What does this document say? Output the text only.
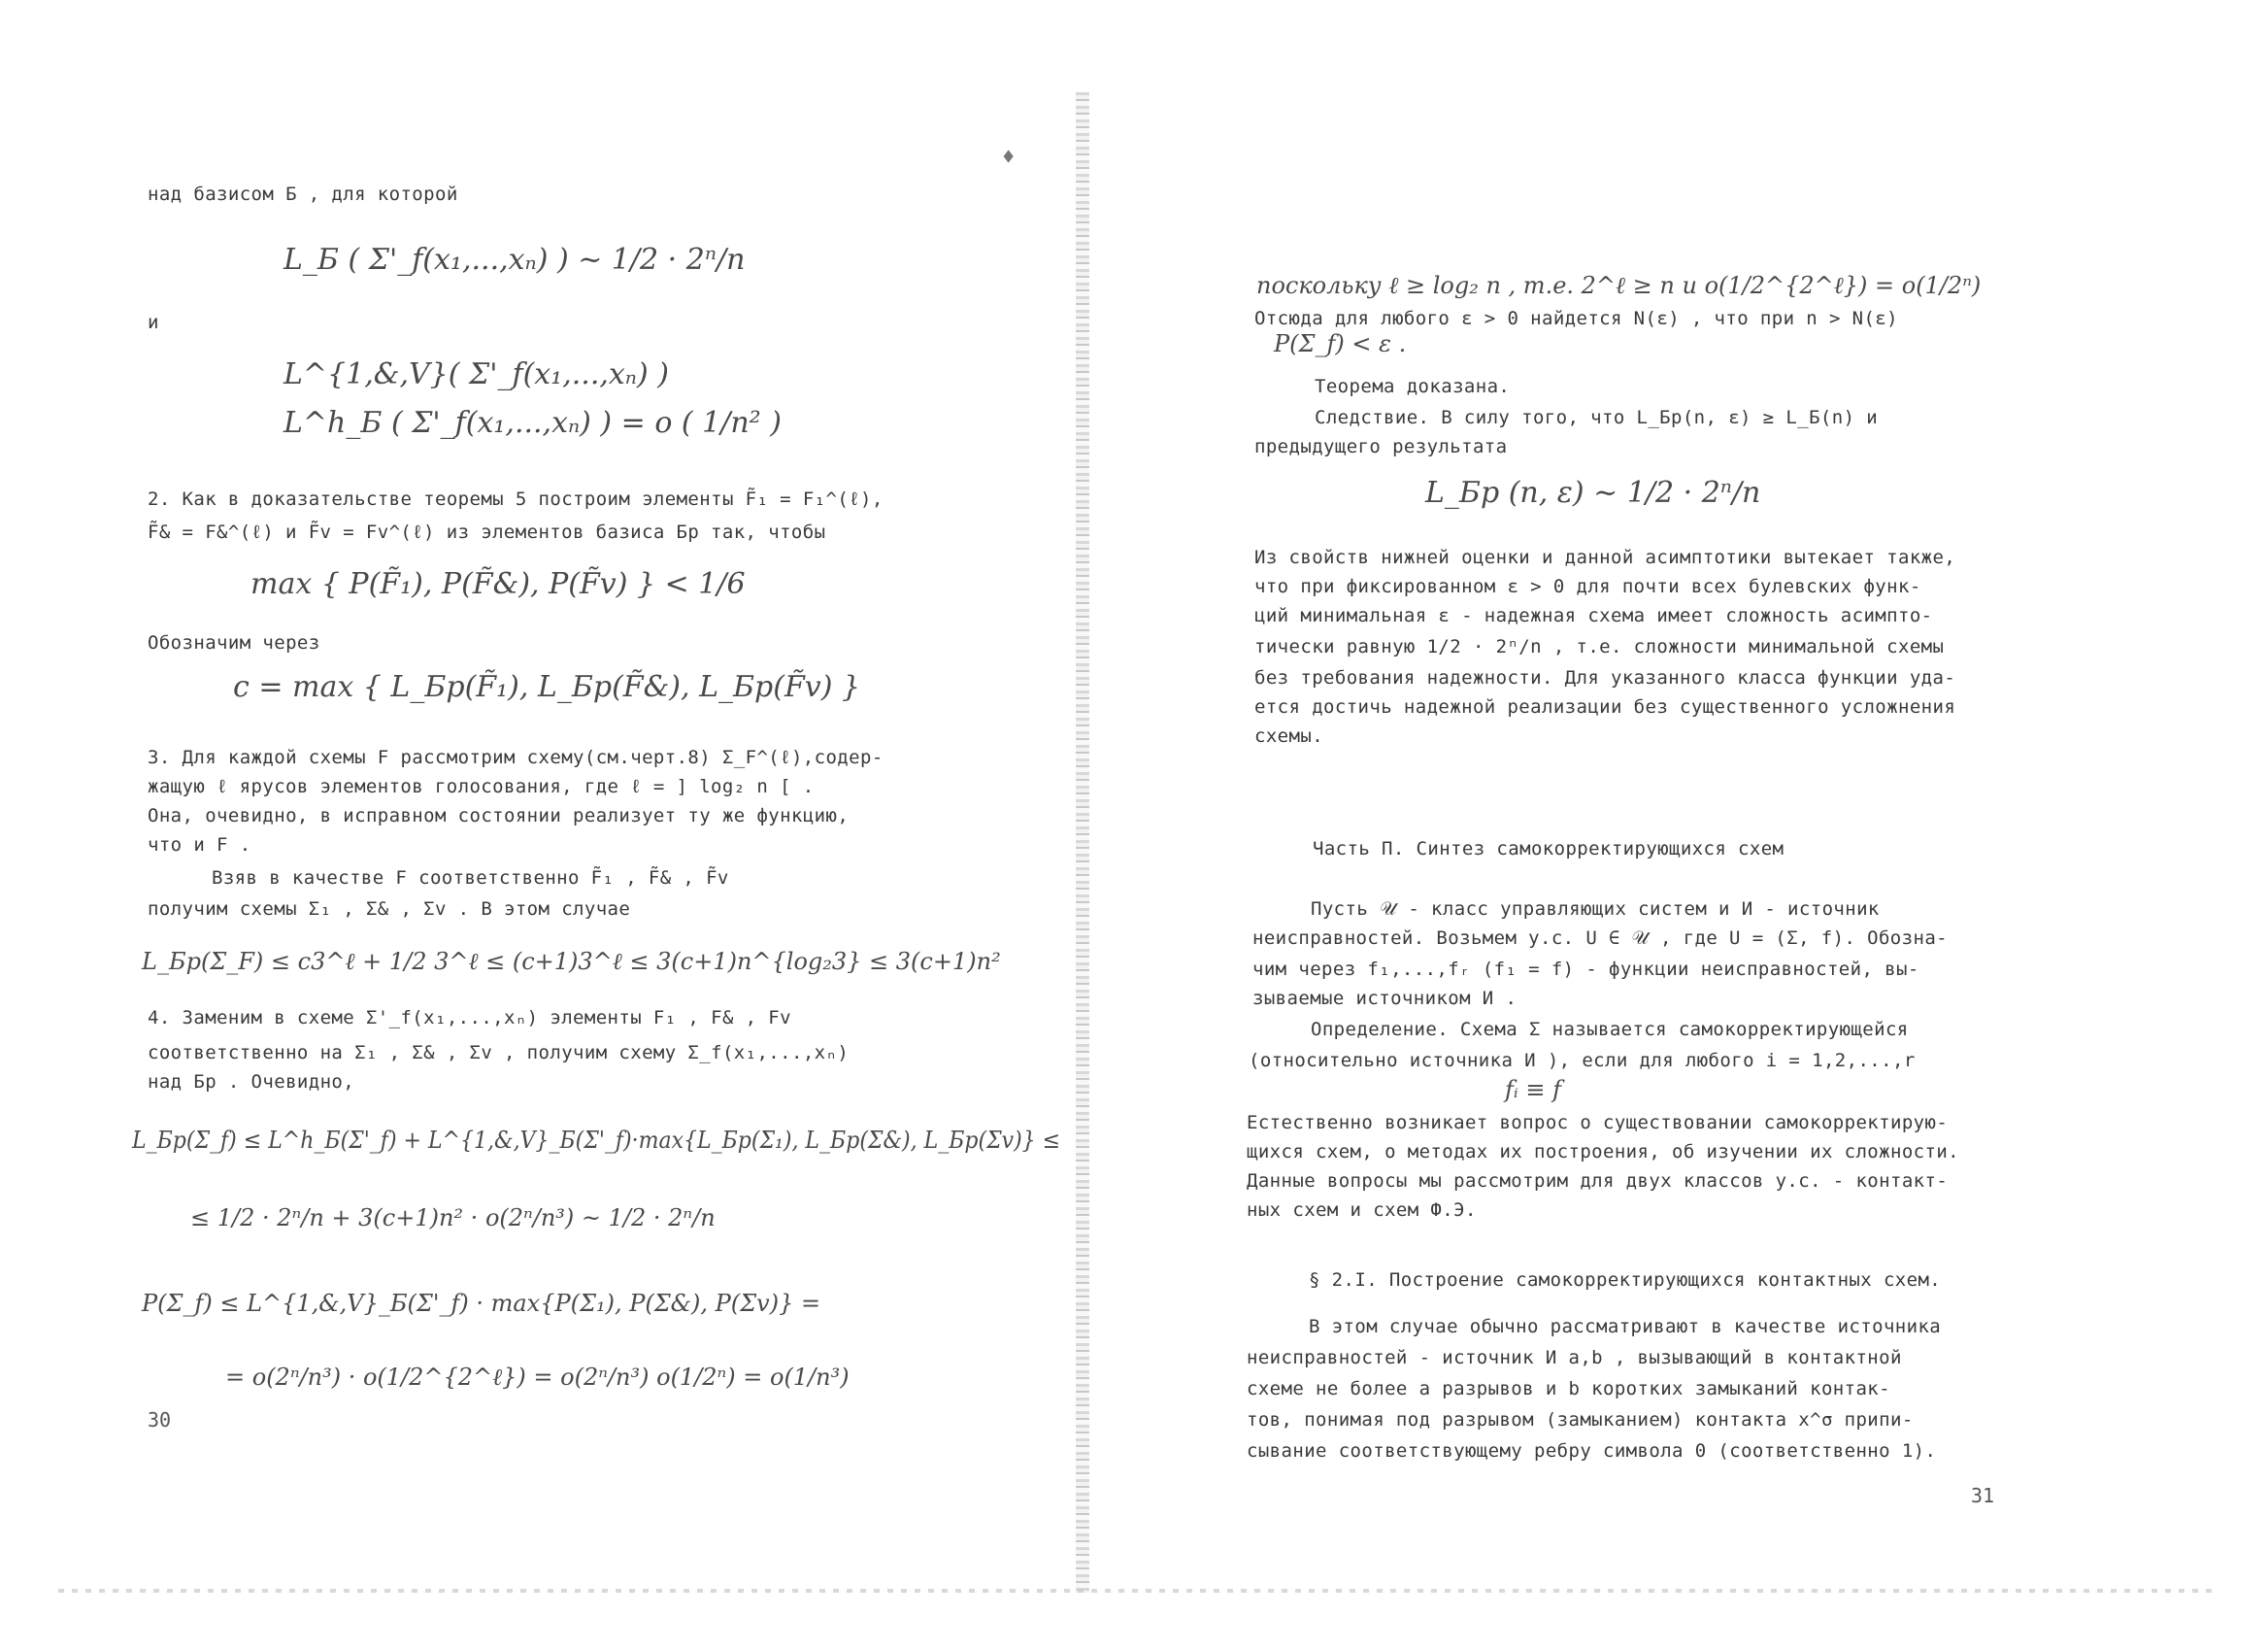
♦
над базисом Б , для которой
L_Б ( Σ'_f(x₁,...,xₙ) ) ~ 1/2 · 2ⁿ/n
и
L^{1,&,V}( Σ'_f(x₁,...,xₙ) )
L^h_Б ( Σ'_f(x₁,...,xₙ) ) = o ( 1/n² )
2. Как в доказательстве теоремы 5 построим элементы F̃₁ = F₁^(ℓ),
F̃& = F&^(ℓ) и F̃v = Fv^(ℓ) из элементов базиса Бp так, чтобы
max { P(F̃₁), P(F̃&), P(F̃v) } < 1/6
Обозначим через
c = max { L_Бp(F̃₁), L_Бp(F̃&), L_Бp(F̃v) }
3. Для каждой схемы F рассмотрим схему(см.черт.8) Σ_F^(ℓ),содер-
жащую ℓ ярусов элементов голосования, где ℓ = ] log₂ n [ .
Она, очевидно, в исправном состоянии реализует ту же функцию,
что и F .
Взяв в качестве F соответственно F̃₁ , F̃& , F̃v
получим схемы Σ₁ , Σ& , Σv . В этом случае
L_Бp(Σ_F) ≤ c3^ℓ + 1/2 3^ℓ ≤ (c+1)3^ℓ ≤ 3(c+1)n^{log₂3} ≤ 3(c+1)n²
4. Заменим в схеме Σ'_f(x₁,...,xₙ) элементы F₁ , F& , Fv
соответственно на Σ₁ , Σ& , Σv , получим схему Σ_f(x₁,...,xₙ)
над Бp . Очевидно,
L_Бp(Σ_f) ≤ L^h_Б(Σ'_f) + L^{1,&,V}_Б(Σ'_f)·max{L_Бp(Σ₁), L_Бp(Σ&), L_Бp(Σv)} ≤
≤ 1/2 · 2ⁿ/n + 3(c+1)n² · o(2ⁿ/n³) ~ 1/2 · 2ⁿ/n
P(Σ_f) ≤ L^{1,&,V}_Б(Σ'_f) · max{P(Σ₁), P(Σ&), P(Σv)} =
= o(2ⁿ/n³) · o(1/2^{2^ℓ}) = o(2ⁿ/n³) o(1/2ⁿ) = o(1/n³)
30
поскольку ℓ ≥ log₂ n , т.е. 2^ℓ ≥ n и o(1/2^{2^ℓ}) = o(1/2ⁿ)
Отсюда для любого ε > 0 найдется N(ε) , что при n > N(ε)
P(Σ_f) < ε .
Теорема доказана.
Следствие. В силу того, что L_Бp(n, ε) ≥ L_Б(n) и
предыдущего результата
L_Бp (n, ε) ~ 1/2 · 2ⁿ/n
Из свойств нижней оценки и данной асимптотики вытекает также,
что при фиксированном ε > 0 для почти всех булевских функ-
ций минимальная ε - надежная схема имеет сложность асимпто-
тически равную 1/2 · 2ⁿ/n , т.е. сложности минимальной схемы
без требования надежности. Для указанного класса функции уда-
ется достичь надежной реализации без существенного усложнения
схемы.
Часть П. Синтез самокорректирующихся схем
Пусть 𝒰 - класс управляющих систем и И - источник
неисправностей. Возьмем у.с. U ∈ 𝒰 , где U = (Σ, f). Обозна-
чим через f₁,...,fᵣ (f₁ = f) - функции неисправностей, вы-
зываемые источником И .
Определение. Схема Σ называется самокорректирующейся
(относительно источника И ), если для любого i = 1,2,...,r
fᵢ ≡ f
Естественно возникает вопрос о существовании самокорректирую-
щихся схем, о методах их построения, об изучении их сложности.
Данные вопросы мы рассмотрим для двух классов у.с. - контакт-
ных схем и схем Ф.Э.
§ 2.I. Построение самокорректирующихся контактных схем.
В этом случае обычно рассматривают в качестве источника
неисправностей - источник И a,b , вызывающий в контактной
схеме не более a разрывов и b коротких замыканий контак-
тов, понимая под разрывом (замыканием) контакта x^σ припи-
сывание соответствующему ребру символа 0 (соответственно 1).
31
